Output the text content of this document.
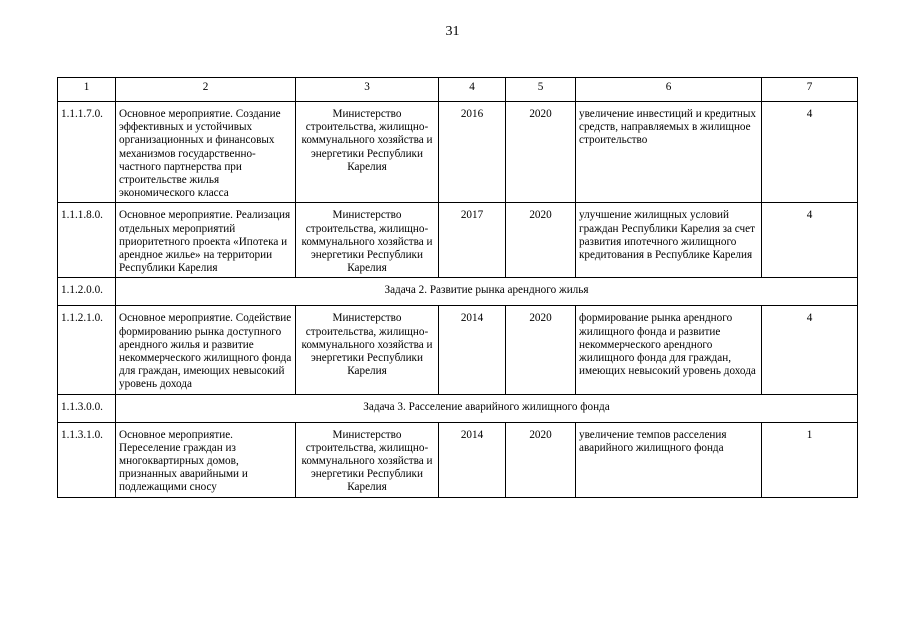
31
1	2	3	4	5	6	7
1.1.1.7.0.	Основное мероприятие. Создание эффективных и устойчивых организационных и финансовых механизмов государственно-частного партнерства при строительстве жилья экономического класса	Министерство строительства, жилищно-коммунального хозяйства и энергетики Республики Карелия	2016	2020	увеличение инвестиций и кредитных средств, направляемых в жилищное строительство	4
1.1.1.8.0.	Основное мероприятие. Реализация отдельных мероприятий приоритетного проекта «Ипотека и арендное жилье» на территории Республики Карелия	Министерство строительства, жилищно-коммунального хозяйства и энергетики Республики Карелия	2017	2020	улучшение жилищных условий граждан Республики Карелия за счет развития ипотечного жилищного кредитования в Республике Карелия	4
1.1.2.0.0.	Задача 2. Развитие рынка арендного жилья					
1.1.2.1.0.	Основное мероприятие. Содействие формированию рынка доступного арендного жилья и развитие некоммерческого жилищного фонда для граждан, имеющих невысокий уровень дохода	Министерство строительства, жилищно-коммунального хозяйства и энергетики Республики Карелия	2014	2020	формирование рынка арендного жилищного фонда и развитие некоммерческого арендного жилищного фонда для граждан, имеющих невысокий уровень дохода	4
1.1.3.0.0.	Задача 3. Расселение аварийного жилищного фонда					
1.1.3.1.0.	Основное мероприятие. Переселение граждан из многоквартирных домов, признанных аварийными и подлежащими сносу	Министерство строительства, жилищно-коммунального хозяйства и энергетики Республики Карелия	2014	2020	увеличение темпов расселения аварийного жилищного фонда	1
